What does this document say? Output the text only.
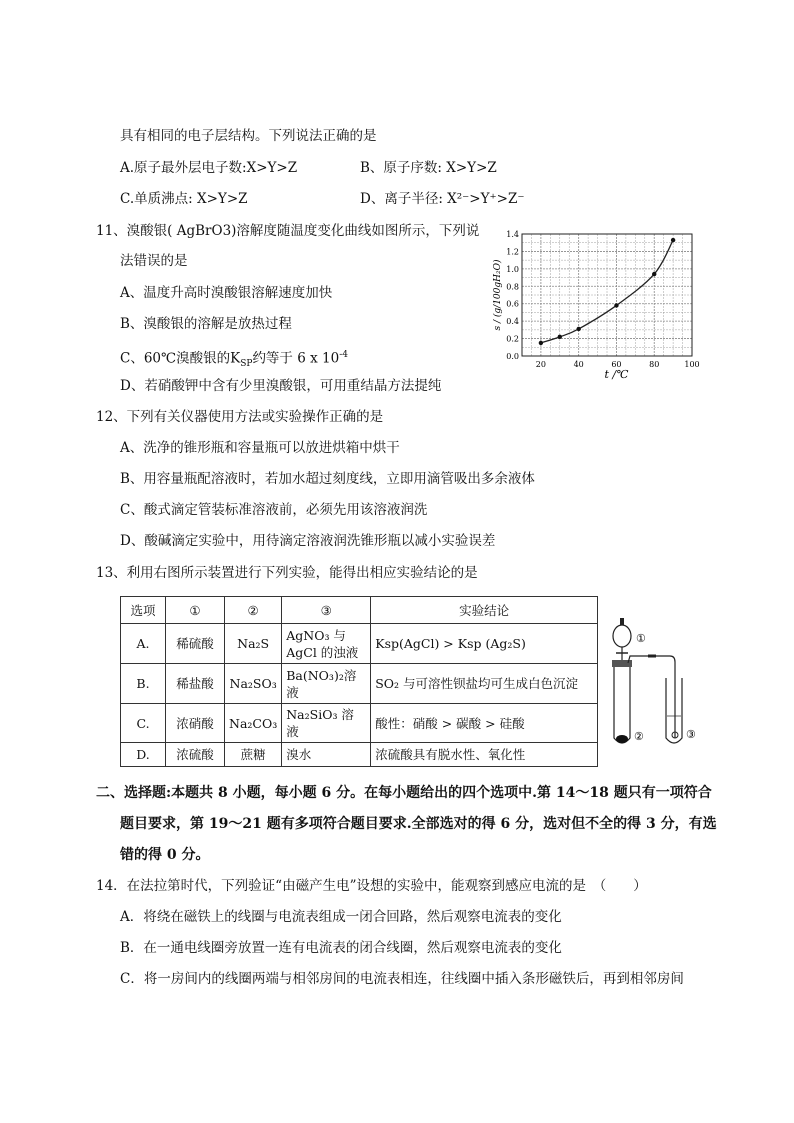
具有相同的电子层结构。下列说法正确的是
A.原子最外层电子数:X>Y>Z	B、原子序数: X>Y>Z
C.单质沸点: X>Y>Z	D、离子半径: X²⁻>Y⁺>Z⁻
11、溴酸银( AgBrO3)溶解度随温度变化曲线如图所示，下列说
法错误的是
A、温度升高时溴酸银溶解速度加快
B、溴酸银的溶解是放热过程
C、60℃溴酸银的$K_{SP}$约等于 6 x $10^{-4}$
D、若硝酸钾中含有少里溴酸银，可用重结晶方法提纯
20	40	60	80	100
0.0
0.2
0.4
0.6
0.8
1.0
1.2
1.4
t /℃
s / (g/100gH₂O)
12、下列有关仪器使用方法或实验操作正确的是
A、洗净的锥形瓶和容量瓶可以放进烘箱中烘干
B、用容量瓶配溶液时，若加水超过刻度线，立即用滴管吸出多余液体
C、酸式滴定管装标准溶液前，必须先用该溶液润洗
D、酸碱滴定实验中，用待滴定溶液润洗锥形瓶以减小实验误差
13、利用右图所示装置进行下列实验，能得出相应实验结论的是
选项	①	②	③	实验结论
A.	稀硫酸	Na₂S	AgNO₃ 与 AgCl 的浊液	Ksp(AgCl) > Ksp (Ag₂S)
B.	稀盐酸	Na₂SO₃	Ba(NO₃)₂溶液	SO₂ 与可溶性钡盐均可生成白色沉淀
C.	浓硝酸	Na₂CO₃	Na₂SiO₃ 溶液	酸性：硝酸 > 碳酸 > 硅酸
D.	浓硫酸	蔗糖	溴水	浓硫酸具有脱水性、氧化性
①
②	③
二、选择题:本题共 8 小题，每小题 6 分。在每小题给出的四个选项中.第 14～18 题只有一项符合
题目要求，第 19～21 题有多项符合题目要求.全部选对的得 6 分，选对但不全的得 3 分，有选
错的得 0 分。
14．在法拉第时代，下列验证“由磁产生电”设想的实验中，能观察到感应电流的是　（　　）
A．将绕在磁铁上的线圈与电流表组成一闭合回路，然后观察电流表的变化
B．在一通电线圈旁放置一连有电流表的闭合线圈，然后观察电流表的变化
C．将一房间内的线圈两端与相邻房间的电流表相连，往线圈中插入条形磁铁后，再到相邻房间
